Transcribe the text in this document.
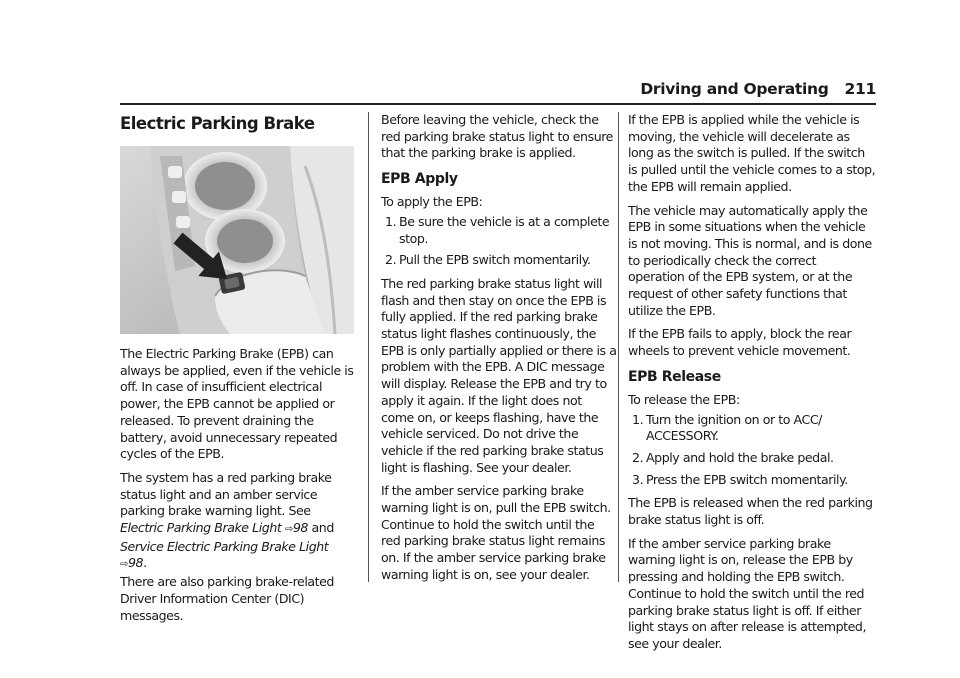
Driving and Operating 211
Electric Parking Brake

The Electric Parking Brake (EPB) can always be applied, even if the vehicle is off. In case of insufficient electrical power, the EPB cannot be applied or released. To prevent draining the battery, avoid unnecessary repeated cycles of the EPB.

The system has a red parking brake status light and an amber service parking brake warning light. See Electric Parking Brake Light ⇨98 and
Service Electric Parking Brake Light ⇨98.
There are also parking brake-related Driver Information Center (DIC) messages.

Before leaving the vehicle, check the red parking brake status light to ensure that the parking brake is applied.

EPB Apply

To apply the EPB:

1. Be sure the vehicle is at a complete stop.
2. Pull the EPB switch momentarily.

The red parking brake status light will flash and then stay on once the EPB is fully applied. If the red parking brake status light flashes continuously, the EPB is only partially applied or there is a problem with the EPB. A DIC message will display. Release the EPB and try to apply it again. If the light does not come on, or keeps flashing, have the vehicle serviced. Do not drive the vehicle if the red parking brake status light is flashing. See your dealer.

If the amber service parking brake warning light is on, pull the EPB switch. Continue to hold the switch until the red parking brake status light remains on. If the amber service parking brake warning light is on, see your dealer.

If the EPB is applied while the vehicle is moving, the vehicle will decelerate as long as the switch is pulled. If the switch is pulled until the vehicle comes to a stop, the EPB will remain applied.

The vehicle may automatically apply the EPB in some situations when the vehicle is not moving. This is normal, and is done to periodically check the correct operation of the EPB system, or at the request of other safety functions that utilize the EPB.

If the EPB fails to apply, block the rear wheels to prevent vehicle movement.

EPB Release

To release the EPB:

1. Turn the ignition on or to ACC/ ACCESSORY.
2. Apply and hold the brake pedal.
3. Press the EPB switch momentarily.

The EPB is released when the red parking brake status light is off.

If the amber service parking brake warning light is on, release the EPB by pressing and holding the EPB switch. Continue to hold the switch until the red parking brake status light is off. If either light stays on after release is attempted, see your dealer.
